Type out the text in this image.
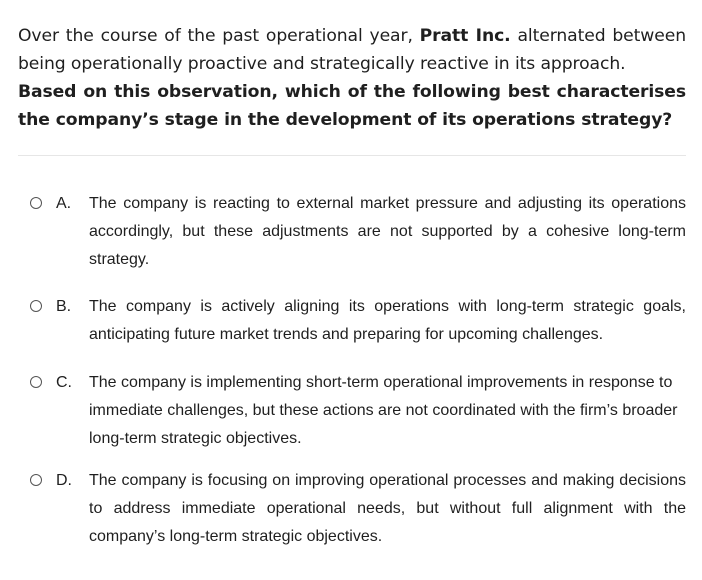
Over the course of the past operational year, Pratt Inc. alternated between being operationally proactive and strategically reactive in its approach.
Based on this observation, which of the following best characterises the company’s stage in the development of its operations strategy?
A.	The company is reacting to external market pressure and adjusting its operations accordingly, but these adjustments are not supported by a cohesive long-term strategy.
B.	The company is actively aligning its operations with long-term strategic goals, anticipating future market trends and preparing for upcoming challenges.
C.	The company is implementing short-term operational improvements in response to immediate challenges, but these actions are not coordinated with the firm’s broader long-term strategic objectives.
D.	The company is focusing on improving operational processes and making decisions to address immediate operational needs, but without full alignment with the company’s long-term strategic objectives.
